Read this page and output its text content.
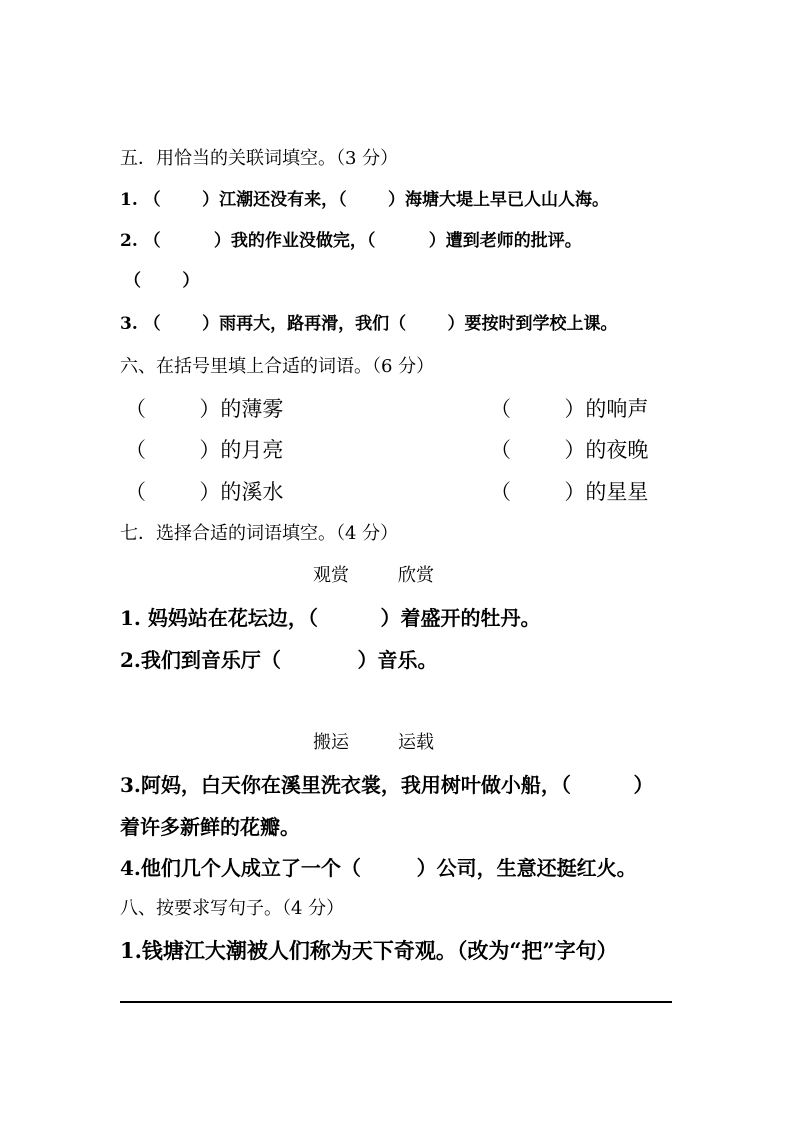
五．用恰当的关联词填空。（3 分）
1. （       ）江潮还没有来，（       ）海塘大堤上早已人山人海。
2. （         ）我的作业没做完，（         ）遭到老师的批评。
（       ）
3. （       ）雨再大，路再滑，我们（       ）要按时到学校上课。
六、在括号里填上合适的词语。（6 分）
（        ）的薄雾	（        ）的响声
（        ）的月亮	（        ）的夜晚
（        ）的溪水	（        ）的星星
七．选择合适的词语填空。（4 分）
观赏	欣赏
1. 妈妈站在花坛边，（         ）着盛开的牡丹。
2.我们到音乐厅（           ）音乐。
搬运	运载
3.阿妈，白天你在溪里洗衣裳，我用树叶做小船，（         ）
着许多新鲜的花瓣。
4.他们几个人成立了一个（        ）公司，生意还挺红火。
八、按要求写句子。（4 分）
1.钱塘江大潮被人们称为天下奇观。（改为“把”字句）
